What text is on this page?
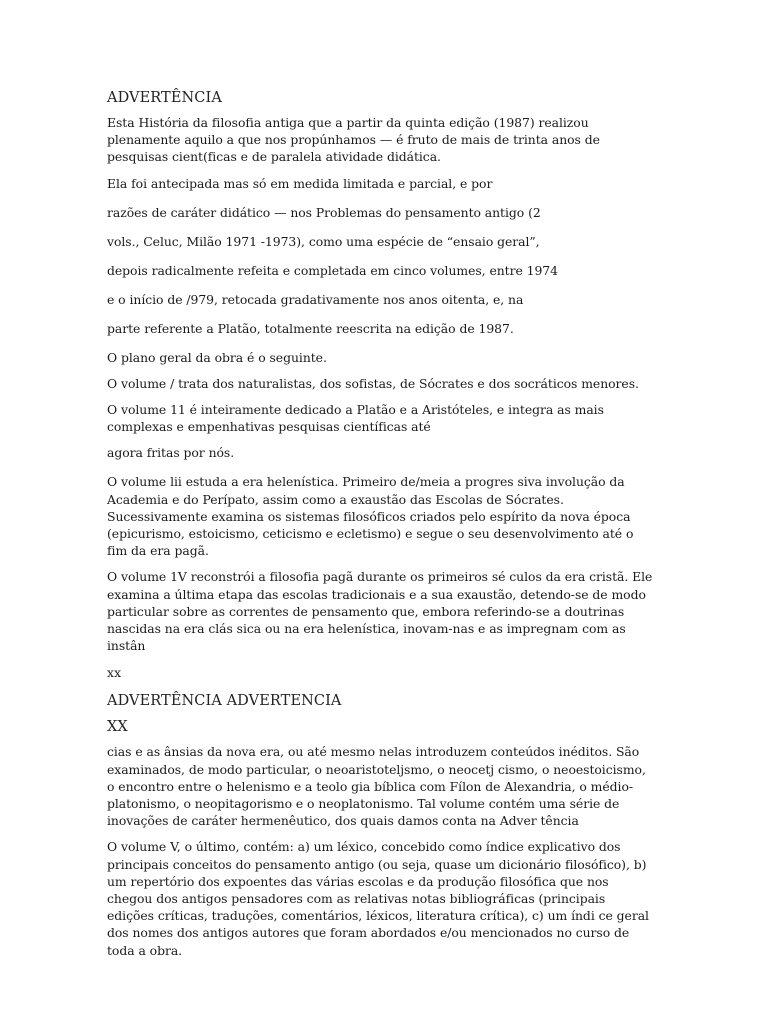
ADVERTÊNCIA

Esta História da filosofia antiga que a partir da quinta edição (1987) realizou plenamente aquilo a que nos propúnhamos — é fruto de mais de trinta anos de pesquisas cient(ficas e de paralela atividade didática.

Ela foi antecipada mas só em medida limitada e parcial, e por

razões de caráter didático — nos Problemas do pensamento antigo (2

vols., Celuc, Milão 1971 -1973), como uma espécie de “ensaio geral”,

depois radicalmente refeita e completada em cinco volumes, entre 1974

e o início de /979, retocada gradativamente nos anos oitenta, e, na

parte referente a Platão, totalmente reescrita na edição de 1987.

O plano geral da obra é o seguinte.

O volume / trata dos naturalistas, dos sofistas, de Sócrates e dos socráticos menores.

O volume 11 é inteiramente dedicado a Platão e a Aristóteles, e integra as mais complexas e empenhativas pesquisas científicas até

agora fritas por nós.

O volume lii estuda a era helenística. Primeiro de/meia a progres siva involução da Academia e do Perípato, assim como a exaustão das Escolas de Sócrates. Sucessivamente examina os sistemas filosóficos criados pelo espírito da nova época (epicurismo, estoicismo, ceticismo e ecletismo) e segue o seu desenvolvimento até o fim da era pagã.

O volume 1V reconstrói a filosofia pagã durante os primeiros sé culos da era cristã. Ele examina a última etapa das escolas tradicionais e a sua exaustão, detendo-se de modo particular sobre as correntes de pensamento que, embora referindo-se a doutrinas nascidas na era clás sica ou na era helenística, inovam-nas e as impregnam com as instân

xx
ADVERTÊNCIA ADVERTENCIA
XX

cias e as ânsias da nova era, ou até mesmo nelas introduzem conteúdos inéditos. São examinados, de modo particular, o neoaristoteljsmo, o neocetj cismo, o neoestoicismo, o encontro entre o helenismo e a teolo gia bíblica com Fílon de Alexandria, o médio-platonismo, o neopitagorismo e o neoplatonismo. Tal volume contém uma série de inovações de caráter hermenêutico, dos quais damos conta na Adver tência

O volume V, o último, contém: a) um léxico, concebido como índice explicativo dos principais conceitos do pensamento antigo (ou seja, quase um dicionário filosófico), b) um repertório dos expoentes das várias escolas e da produção filosófica que nos chegou dos antigos pensadores com as relativas notas bibliográficas (principais edições críticas, traduções, comentários, léxicos, literatura crítica), c) um índi ce geral dos nomes dos antigos autores que foram abordados e/ou mencionados no curso de toda a obra.
